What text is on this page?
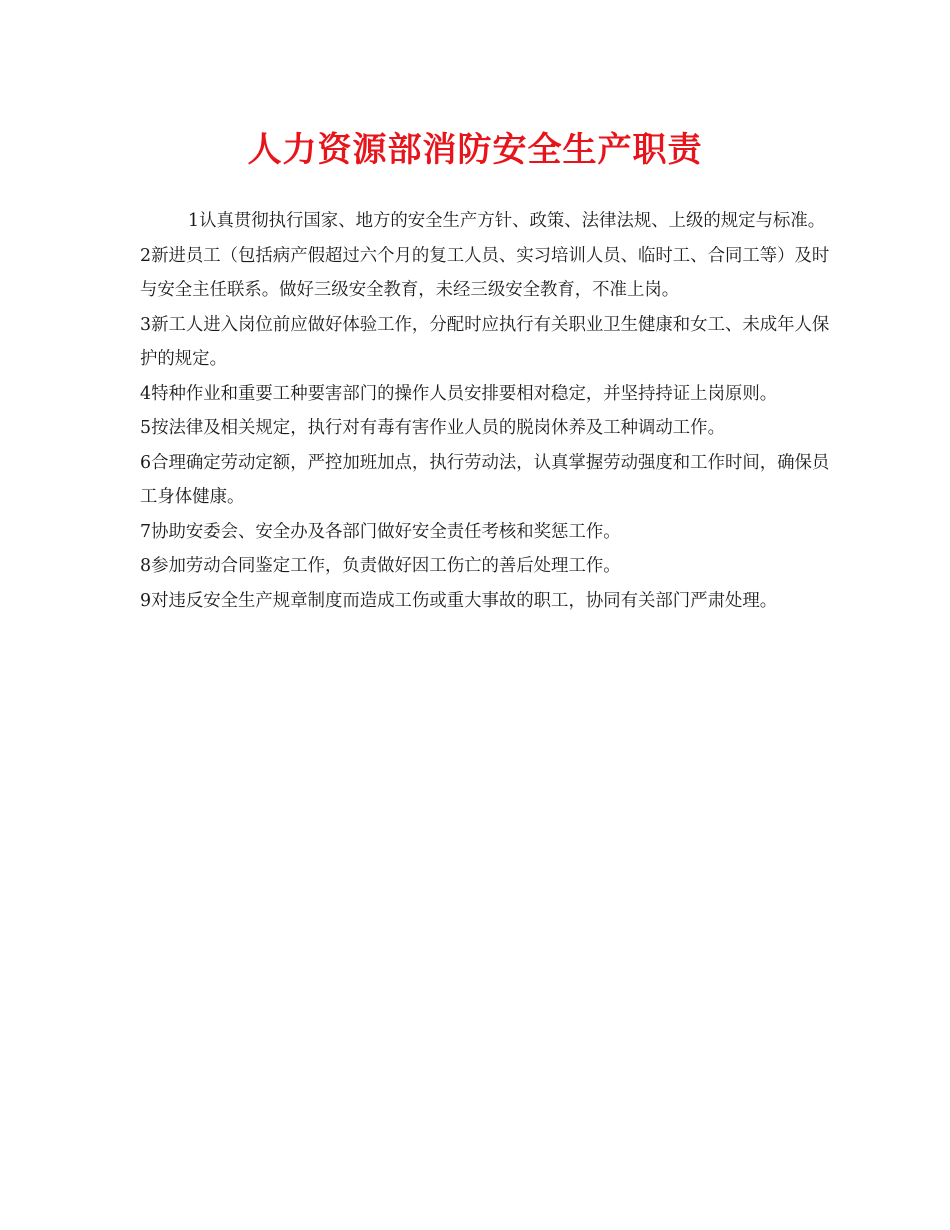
人力资源部消防安全生产职责

1认真贯彻执行国家、地方的安全生产方针、政策、法律法规、上级的规定与标准。

2新进员工（包括病产假超过六个月的复工人员、实习培训人员、临时工、合同工等）及时与安全主任联系。做好三级安全教育，未经三级安全教育，不准上岗。

3新工人进入岗位前应做好体验工作，分配时应执行有关职业卫生健康和女工、未成年人保护的规定。

4特种作业和重要工种要害部门的操作人员安排要相对稳定，并坚持持证上岗原则。

5按法律及相关规定，执行对有毒有害作业人员的脱岗休养及工种调动工作。

6合理确定劳动定额，严控加班加点，执行劳动法，认真掌握劳动强度和工作时间，确保员工身体健康。

7协助安委会、安全办及各部门做好安全责任考核和奖惩工作。

8参加劳动合同鉴定工作，负责做好因工伤亡的善后处理工作。

9对违反安全生产规章制度而造成工伤或重大事故的职工，协同有关部门严肃处理。
